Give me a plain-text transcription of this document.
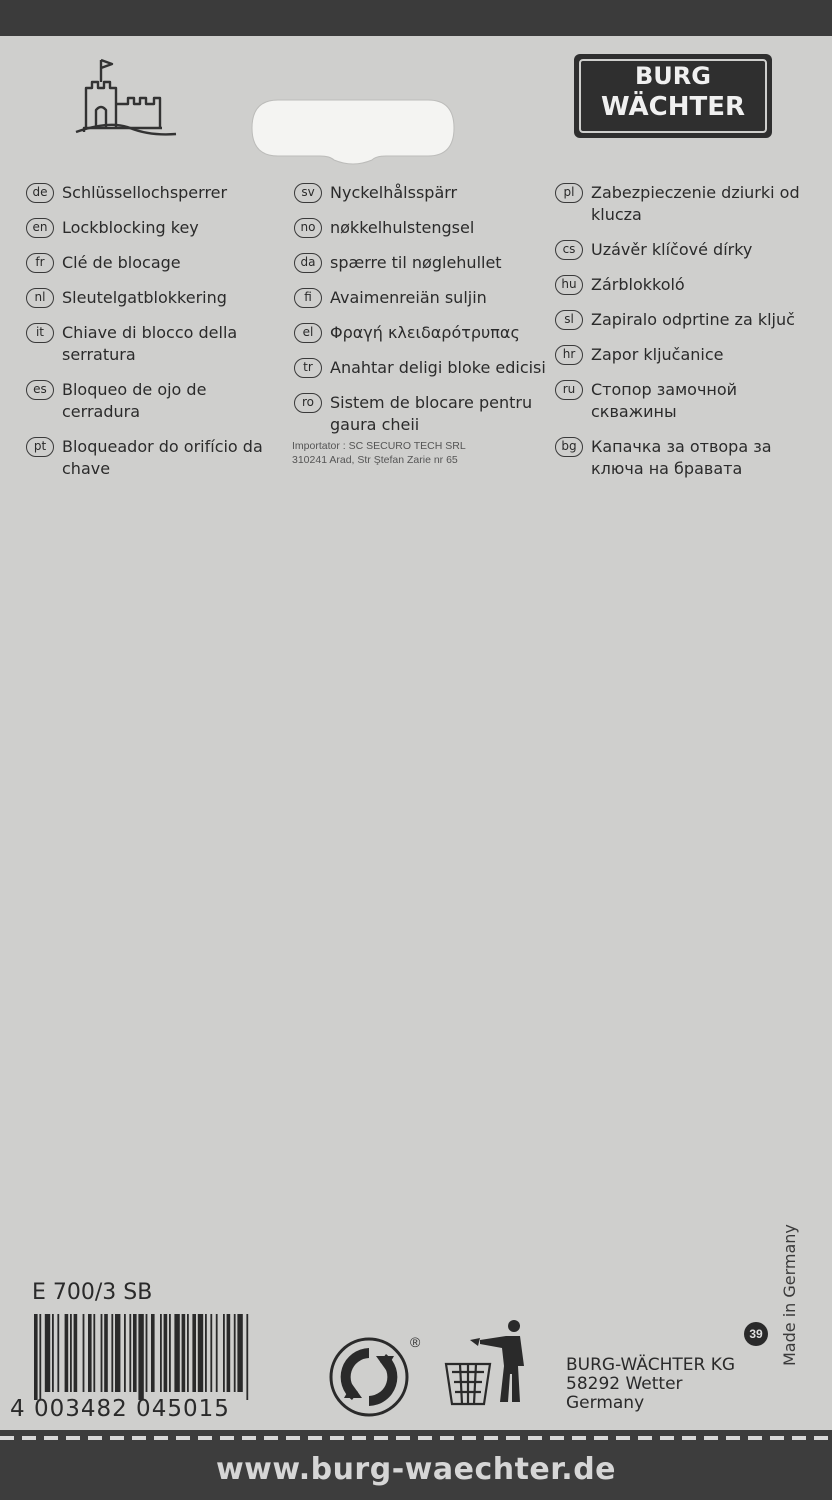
BURG
WÄCHTER
de Schlüssellochsperrer
en Lockblocking key
fr	Clé de blocage
nl	Sleutelgatblokkering
it	Chiave di blocco della serratura
es Bloqueo de ojo de cerradura
pt Bloqueador do orifício da chave
sv Nyckelhålsspärr
no nøkkelhulstengsel
da spærre til nøglehullet
fi	Avaimenreiän suljin
el	Φραγή κλειδαρότρυπας
tr	Anahtar deligi bloke edicisi
ro	Sistem de blocare pentru gaura cheii
Importator : SC SECURO TECH SRL
310241 Arad, Str Ştefan Zarie nr 65
pl	Zabezpieczenie dziurki od klucza
cs Uzávěr klíčové dírky
hu Zárblokkoló
sl	Zapiralo odprtine za ključ
hr Zapor ključanice
ru Стопор замочной скважины
bg Капачка за отвора за ключа на бравата
E 700/3 SB
4 003482 045015
®	39
BURG-WÄCHTER KG
58292 Wetter
Germany
Made in Germany
www.burg-waechter.de
